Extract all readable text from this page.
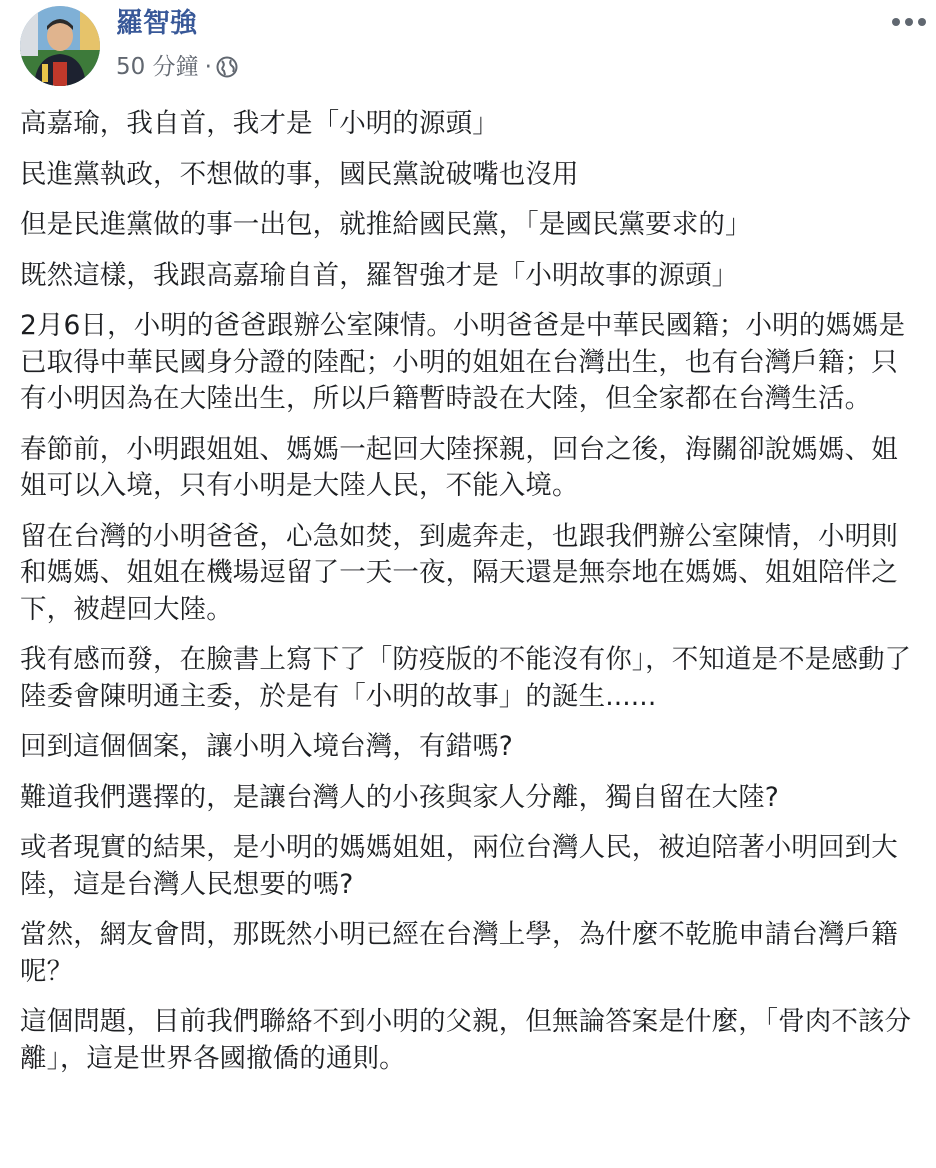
羅智強
50 分鐘 ·

高嘉瑜，我自首，我才是「小明的源頭」

民進黨執政，不想做的事，國民黨說破嘴也沒用

但是民進黨做的事一出包，就推給國民黨，「是國民黨要求的」

既然這樣，我跟高嘉瑜自首，羅智強才是「小明故事的源頭」

2月6日，小明的爸爸跟辦公室陳情。小明爸爸是中華民國籍；小明的媽媽是已取得中華民國身分證的陸配；小明的姐姐在台灣出生，也有台灣戶籍；只有小明因為在大陸出生，所以戶籍暫時設在大陸，但全家都在台灣生活。

春節前，小明跟姐姐、媽媽一起回大陸探親，回台之後，海關卻說媽媽、姐姐可以入境，只有小明是大陸人民，不能入境。

留在台灣的小明爸爸，心急如焚，到處奔走，也跟我們辦公室陳情，小明則和媽媽、姐姐在機場逗留了一天一夜，隔天還是無奈地在媽媽、姐姐陪伴之下，被趕回大陸。

我有感而發，在臉書上寫下了「防疫版的不能沒有你」，不知道是不是感動了陸委會陳明通主委，於是有「小明的故事」的誕生......

回到這個個案，讓小明入境台灣，有錯嗎?

難道我們選擇的，是讓台灣人的小孩與家人分離，獨自留在大陸?

或者現實的結果，是小明的媽媽姐姐，兩位台灣人民，被迫陪著小明回到大陸，這是台灣人民想要的嗎?

當然，網友會問，那既然小明已經在台灣上學，為什麼不乾脆申請台灣戶籍呢？

這個問題，目前我們聯絡不到小明的父親，但無論答案是什麼，「骨肉不該分離」，這是世界各國撤僑的通則。
